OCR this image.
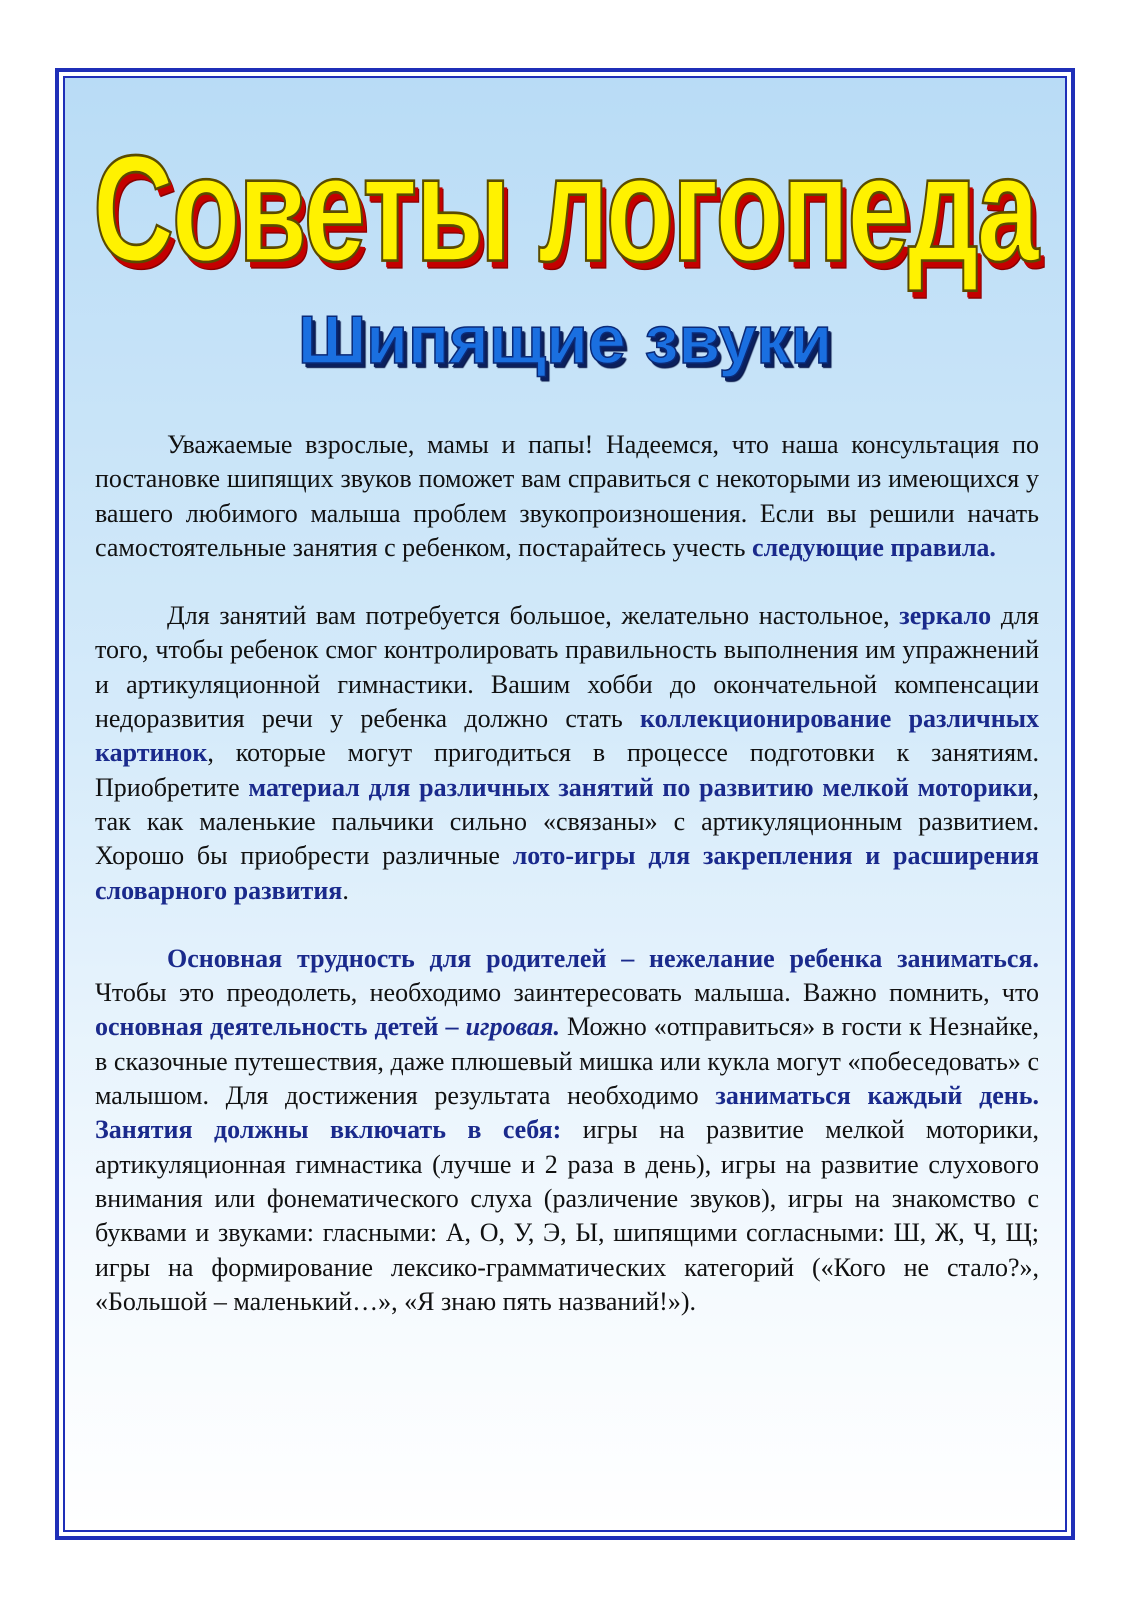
Советы логопеда
Шипящие звуки

Уважаемые взрослые, мамы и папы! Надеемся, что наша консультация по постановке шипящих звуков поможет вам справиться с некоторыми из имеющихся у вашего любимого малыша проблем звукопроизношения. Если вы решили начать самостоятельные занятия с ребенком, постарайтесь учесть следующие правила.

Для занятий вам потребуется большое, желательно настольное, зеркало для того, чтобы ребенок смог контролировать правильность выполнения им упражнений и артикуляционной гимнастики. Вашим хобби до окончательной компенсации недоразвития речи у ребенка должно стать коллекционирование различных картинок, которые могут пригодиться в процессе подготовки к занятиям. Приобретите материал для различных занятий по развитию мелкой моторики, так как маленькие пальчики сильно «связаны» с артикуляционным развитием. Хорошо бы приобрести различные лото-игры для закрепления и расширения словарного развития.

Основная трудность для родителей – нежелание ребенка заниматься. Чтобы это преодолеть, необходимо заинтересовать малыша. Важно помнить, что основная деятельность детей – игровая. Можно «отправиться» в гости к Незнайке, в сказочные путешествия, даже плюшевый мишка или кукла могут «побеседовать» с малышом. Для достижения результата необходимо заниматься каждый день. Занятия должны включать в себя: игры на развитие мелкой моторики, артикуляционная гимнастика (лучше и 2 раза в день), игры на развитие слухового внимания или фонематического слуха (различение звуков), игры на знакомство с буквами и звуками: гласными: А, О, У, Э, Ы, шипящими согласными: Ш, Ж, Ч, Щ; игры на формирование лексико-грамматических категорий («Кого не стало?», «Большой – маленький…», «Я знаю пять названий!»).
